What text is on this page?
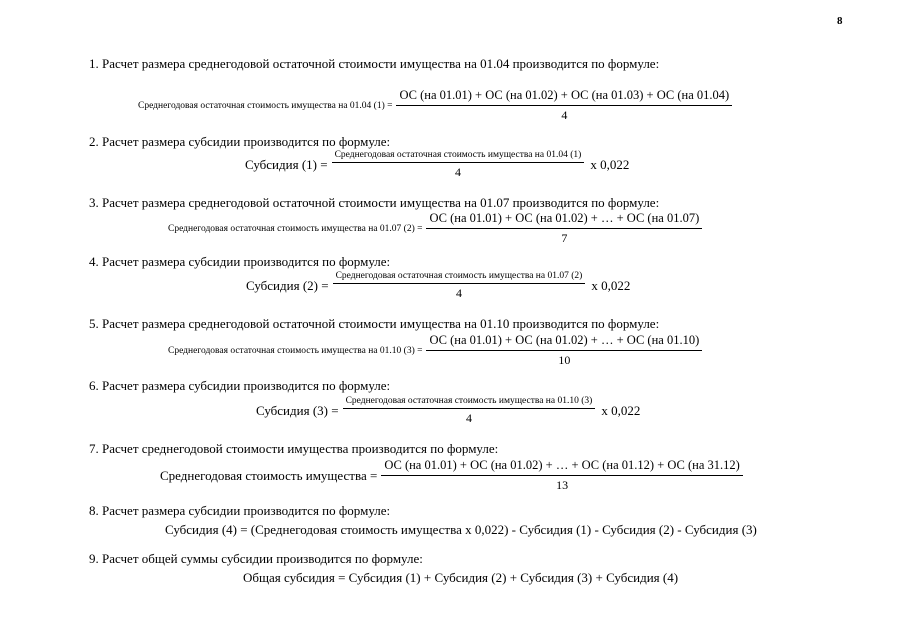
8
1. Расчет размера среднегодовой остаточной стоимости имущества на 01.04 производится по формуле:
Среднегодовая остаточная стоимость имущества на 01.04 (1) =
ОС (на 01.01) + ОС (на 01.02) + ОС (на 01.03) + ОС (на 01.04)
4
2. Расчет размера субсидии производится по формуле:
Субсидия $(1) = \frac{\text{Среднегодовая остаточная стоимость имущества на 01.04 (1)}}{4}$ х 0,022
3. Расчет размера среднегодовой остаточной стоимости имущества на 01.07 производится по формуле:
Среднегодовая остаточная стоимость имущества на 01.07 $(2) = \frac{ОС (на 01.01) + ОС (на 01.02) + \dots + ОС (на 01.07)}{7}$
4. Расчет размера субсидии производится по формуле:
Субсидия $(2) = \frac{\text{Среднегодовая остаточная стоимость имущества на 01.07 (2)}}{4}$ х 0,022
5. Расчет размера среднегодовой остаточной стоимости имущества на 01.10 производится по формуле:
Среднегодовая остаточная стоимость имущества на 01.10 $(3) = \frac{ОС (на 01.01) + ОС (на 01.02) + \dots + ОС (на 01.10)}{10}$
6. Расчет размера субсидии производится по формуле:
Субсидия $(3) = \frac{\text{Среднегодовая остаточная стоимость имущества на 01.10 (3)}}{4}$ х 0,022
7. Расчет среднегодовой стоимости имущества производится по формуле:
Среднегодовая стоимость имущества =
ОС (на 01.01) + ОС (на 01.02) + … + ОС (на 01.12) + ОС (на 31.12)
13
8. Расчет размера субсидии производится по формуле:
Субсидия (4) = (Среднегодовая стоимость имущества х 0,022) - Субсидия (1) - Субсидия (2) - Субсидия (3)
9. Расчет общей суммы субсидии производится по формуле:
Общая субсидия = Субсидия (1) + Субсидия (2) + Субсидия (3) + Субсидия (4)
